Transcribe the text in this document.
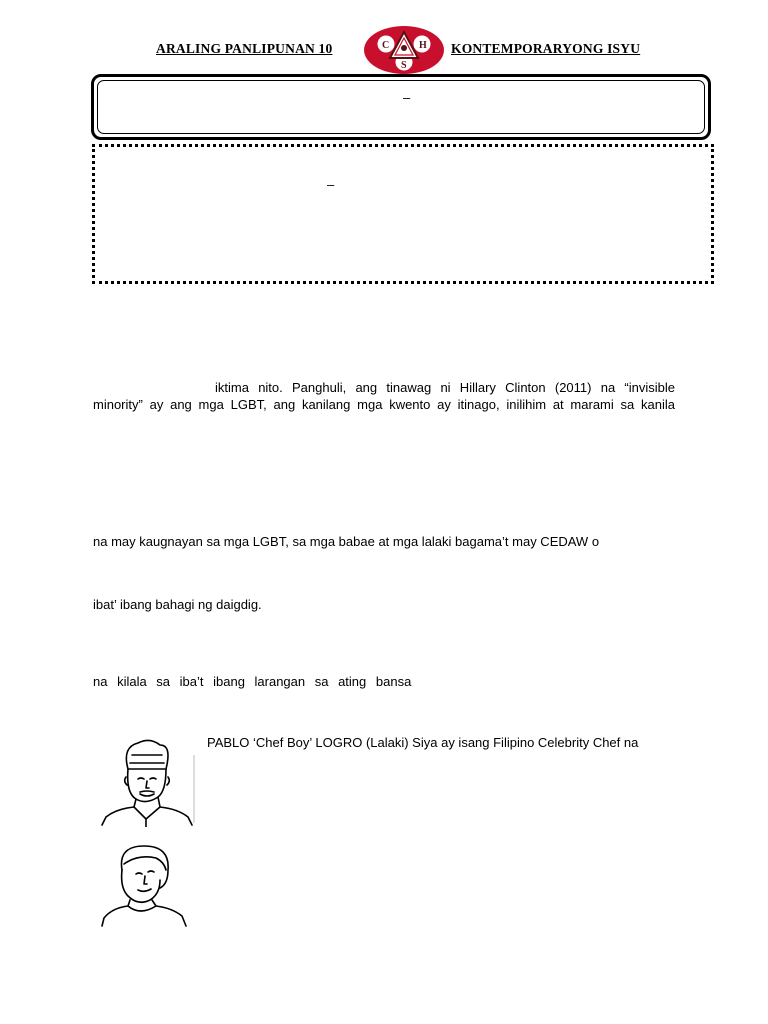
ARALING PANLIPUNAN 10	C	H
S
KONTEMPORARYONG ISYU
–
–
iktima nito. Panghuli, ang tinawag ni Hillary Clinton (2011) na “invisible
minority” ay ang mga LGBT, ang kanilang mga kwento ay itinago, inilihim at marami sa kanila
na may kaugnayan sa mga LGBT, sa mga babae at mga lalaki bagama’t may CEDAW o
ibat’ ibang bahagi ng daigdig.
na kilala sa iba’t ibang larangan sa ating bansa
PABLO ‘Chef Boy’ LOGRO (Lalaki) Siya ay isang Filipino Celebrity Chef na
